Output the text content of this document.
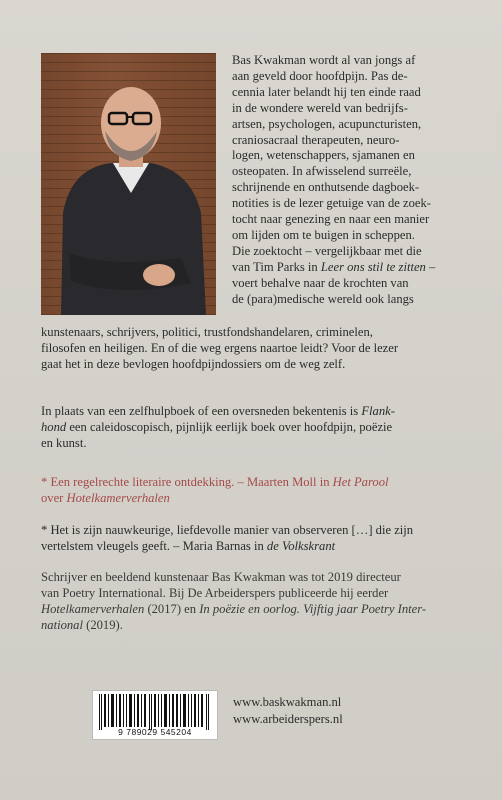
Bas Kwakman wordt al van jongs af
aan geveld door hoofdpijn. Pas de-
cennia later belandt hij ten einde raad
in de wondere wereld van bedrijfs-
artsen, psychologen, acupuncturisten,
craniosacraal therapeuten, neuro-
logen, wetenschappers, sjamanen en
osteopaten. In afwisselend surreële,
schrijnende en onthutsende dagboek-
notities is de lezer getuige van de zoek-
tocht naar genezing en naar een manier
om lijden om te buigen in scheppen.
Die zoektocht – vergelijkbaar met die
van Tim Parks in Leer ons stil te zitten –
voert behalve naar de krochten van
de (para)medische wereld ook langs
kunstenaars, schrijvers, politici, trustfondshandelaren, criminelen,
filosofen en heiligen. En of die weg ergens naartoe leidt? Voor de lezer
gaat het in deze bevlogen hoofdpijndossiers om de weg zelf.
In plaats van een zelfhulpboek of een oversneden bekentenis is Flank-
hond een caleidoscopisch, pijnlijk eerlijk boek over hoofdpijn, poëzie
en kunst.
* Een regelrechte literaire ontdekking. – Maarten Moll in Het Parool
over Hotelkamerverhalen
* Het is zijn nauwkeurige, liefdevolle manier van observeren […] die zijn
vertelstem vleugels geeft. – Maria Barnas in de Volkskrant
Schrijver en beeldend kunstenaar Bas Kwakman was tot 2019 directeur
van Poetry International. Bij De Arbeiderspers publiceerde hij eerder
Hotelkamerverhalen (2017) en In poëzie en oorlog. Vijftig jaar Poetry Inter-
national (2019).
9 789029 545204
www.baskwakman.nl
www.arbeiderspers.nl
